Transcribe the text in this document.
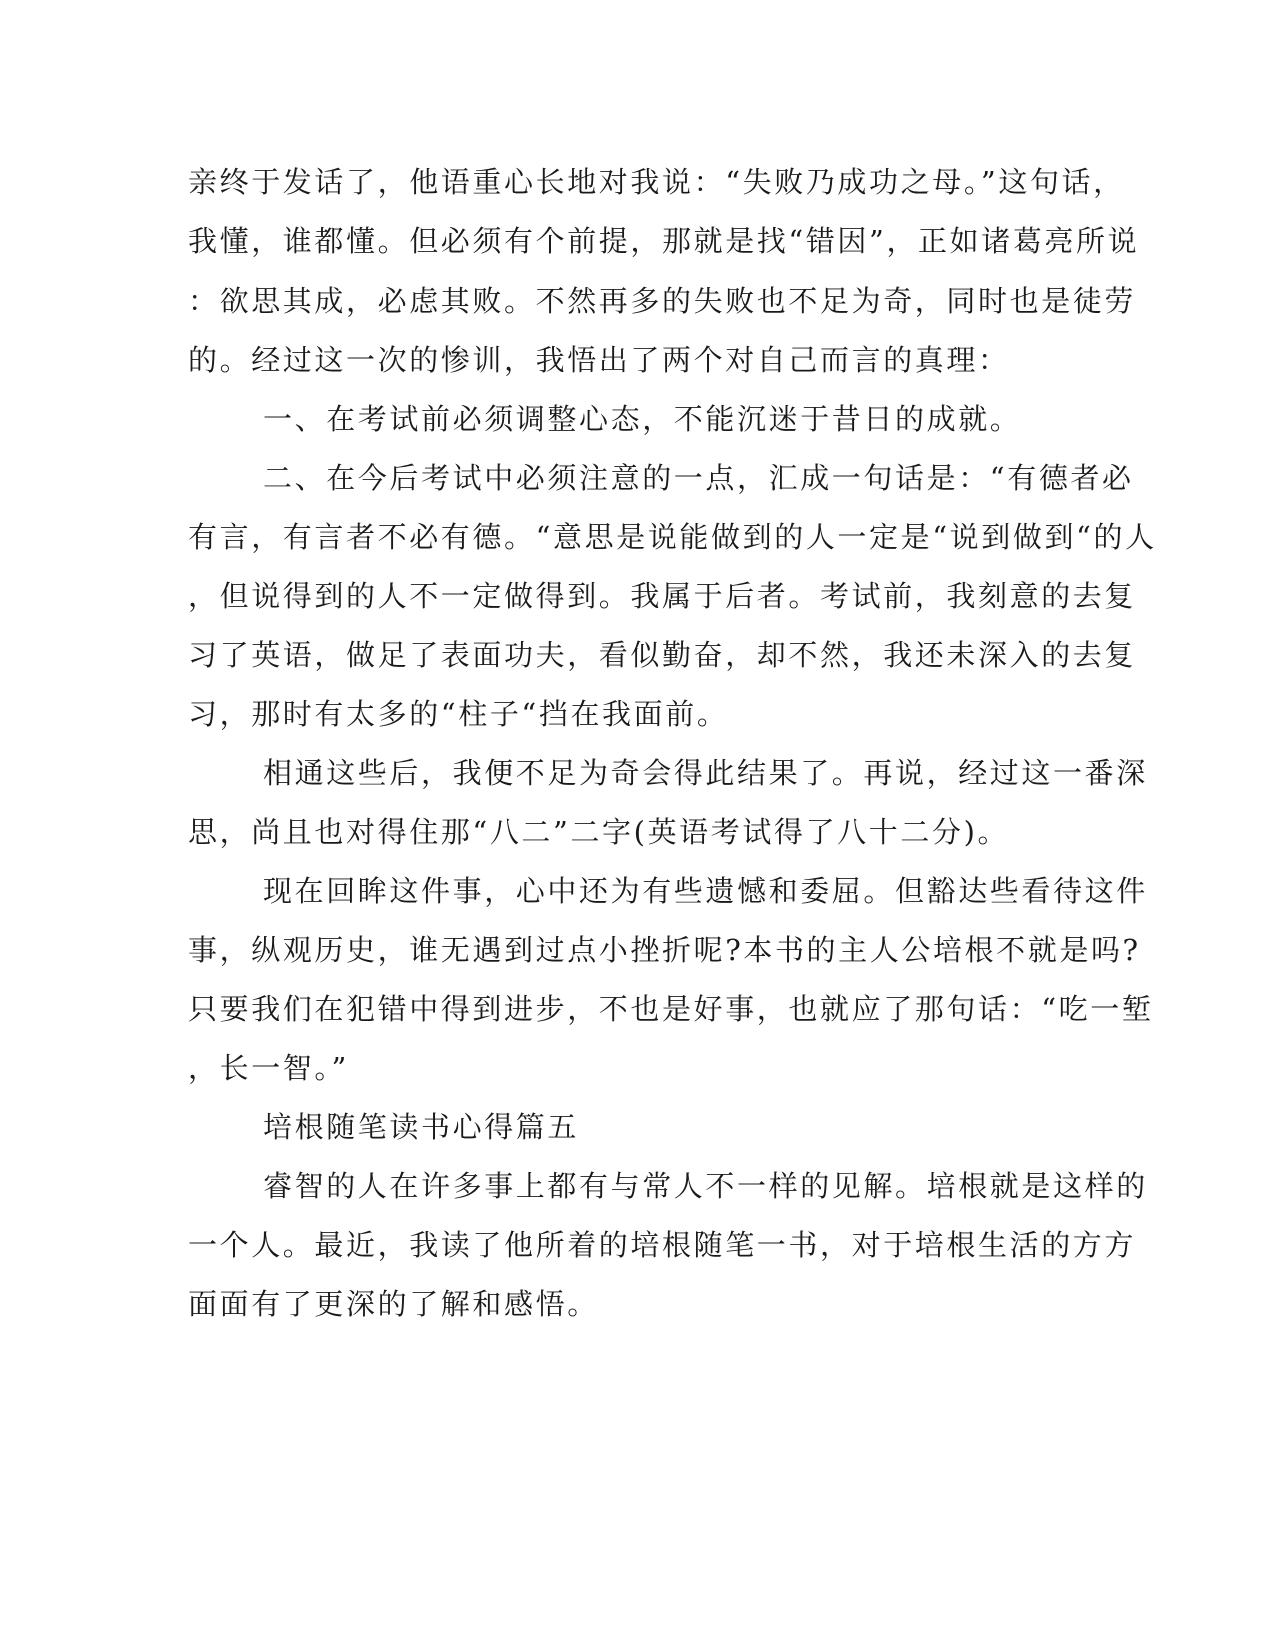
亲终于发话了，他语重心长地对我说：“失败乃成功之母。”这句话，

我懂，谁都懂。但必须有个前提，那就是找“错因”，正如诸葛亮所说

：欲思其成，必虑其败。不然再多的失败也不足为奇，同时也是徒劳

的。经过这一次的惨训，我悟出了两个对自己而言的真理：

一、在考试前必须调整心态，不能沉迷于昔日的成就。

二、在今后考试中必须注意的一点，汇成一句话是：“有德者必

有言，有言者不必有德。“意思是说能做到的人一定是“说到做到“的人

，但说得到的人不一定做得到。我属于后者。考试前，我刻意的去复

习了英语，做足了表面功夫，看似勤奋，却不然，我还未深入的去复

习，那时有太多的“柱子“挡在我面前。

相通这些后，我便不足为奇会得此结果了。再说，经过这一番深

思，尚且也对得住那“八二”二字(英语考试得了八十二分)。

现在回眸这件事，心中还为有些遗憾和委屈。但豁达些看待这件

事，纵观历史，谁无遇到过点小挫折呢?本书的主人公培根不就是吗?

只要我们在犯错中得到进步，不也是好事，也就应了那句话：“吃一堑

，长一智。”

培根随笔读书心得篇五

睿智的人在许多事上都有与常人不一样的见解。培根就是这样的

一个人。最近，我读了他所着的培根随笔一书，对于培根生活的方方

面面有了更深的了解和感悟。
